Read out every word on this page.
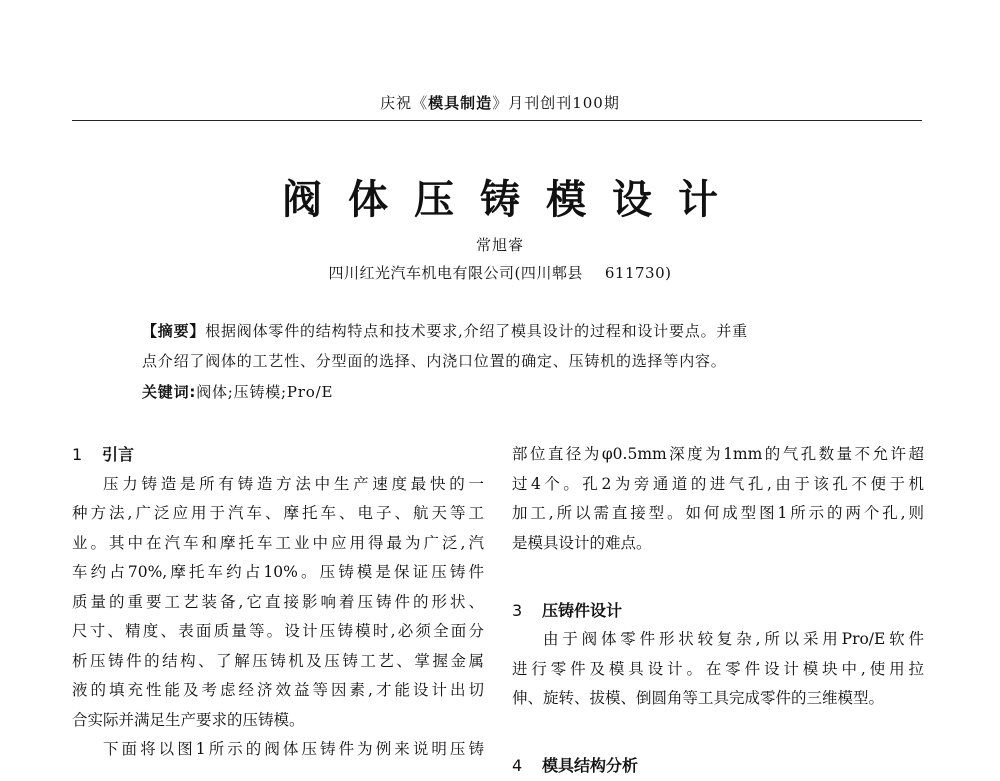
庆祝《模具制造》月刊创刊100期
阀体压铸模设计
常旭睿
四川红光汽车机电有限公司(四川郫县 611730)
【摘要】根据阀体零件的结构特点和技术要求,介绍了模具设计的过程和设计要点。并重
点介绍了阀体的工艺性、分型面的选择、内浇口位置的确定、压铸机的选择等内容。
关键词:阀体;压铸模;Pro/E
1 引言
压力铸造是所有铸造方法中生产速度最快的一
种方法,广泛应用于汽车、摩托车、电子、航天等工
业。其中在汽车和摩托车工业中应用得最为广泛,汽
车约占70%,摩托车约占10%。压铸模是保证压铸件
质量的重要工艺装备,它直接影响着压铸件的形状、
尺寸、精度、表面质量等。设计压铸模时,必须全面分
析压铸件的结构、了解压铸机及压铸工艺、掌握金属
液的填充性能及考虑经济效益等因素,才能设计出切
合实际并满足生产要求的压铸模。
下面将以图1所示的阀体压铸件为例来说明压铸
部位直径为φ0.5mm深度为1mm的气孔数量不允许超
过4个。孔2为旁通道的进气孔,由于该孔不便于机
加工,所以需直接型。如何成型图1所示的两个孔,则
是模具设计的难点。
3 压铸件设计
由于阀体零件形状较复杂,所以采用Pro/E软件
进行零件及模具设计。在零件设计模块中,使用拉
伸、旋转、拔模、倒圆角等工具完成零件的三维模型。
4 模具结构分析
